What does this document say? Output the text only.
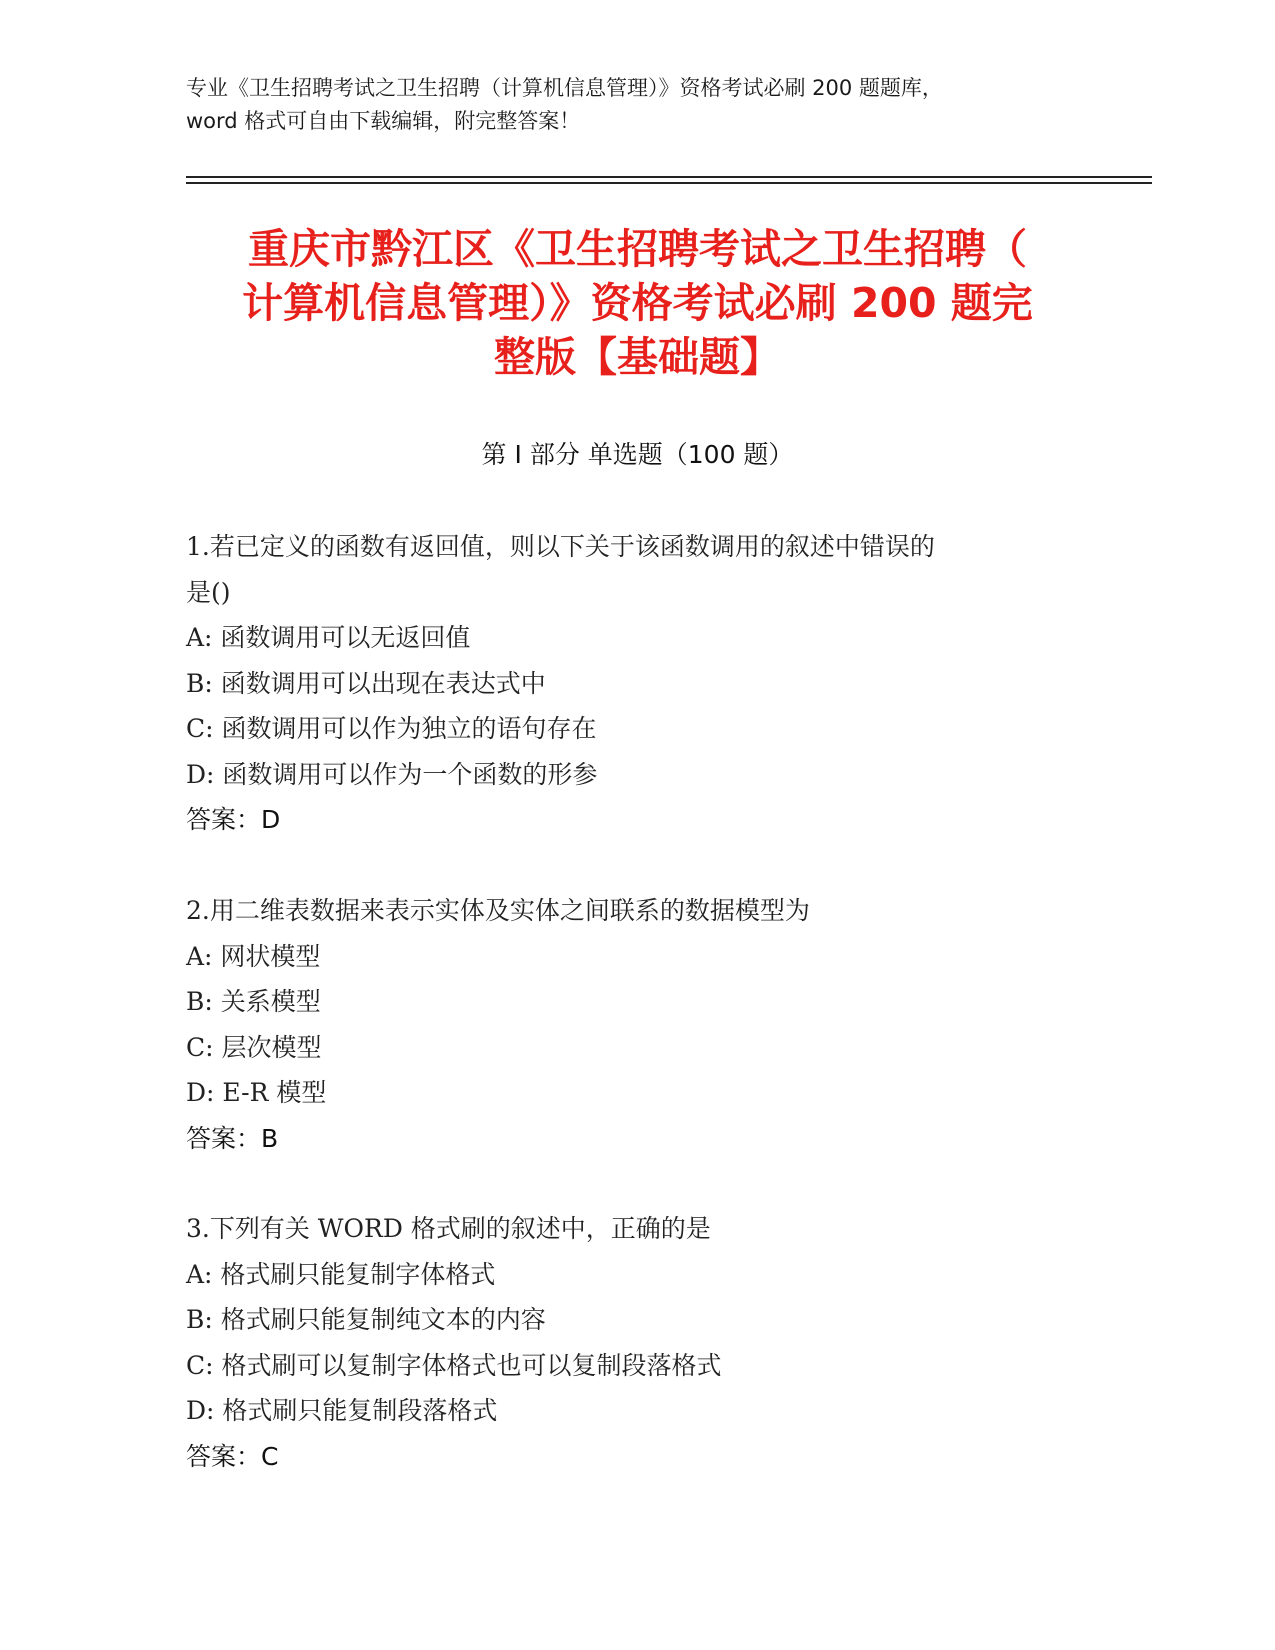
专业《卫生招聘考试之卫生招聘（计算机信息管理）》资格考试必刷 200 题题库，
word 格式可自由下载编辑，附完整答案！
重庆市黔江区《卫生招聘考试之卫生招聘（
计算机信息管理）》资格考试必刷 200 题完
整版【基础题】
第 I 部分 单选题（100 题）
1.若已定义的函数有返回值，则以下关于该函数调用的叙述中错误的
是()
A: 函数调用可以无返回值
B: 函数调用可以出现在表达式中
C: 函数调用可以作为独立的语句存在
D: 函数调用可以作为一个函数的形参
答案：D
2.用二维表数据来表示实体及实体之间联系的数据模型为
A: 网状模型
B: 关系模型
C: 层次模型
D: E-R 模型
答案：B
3.下列有关 WORD 格式刷的叙述中，正确的是
A: 格式刷只能复制字体格式
B: 格式刷只能复制纯文本的内容
C: 格式刷可以复制字体格式也可以复制段落格式
D: 格式刷只能复制段落格式
答案：C
